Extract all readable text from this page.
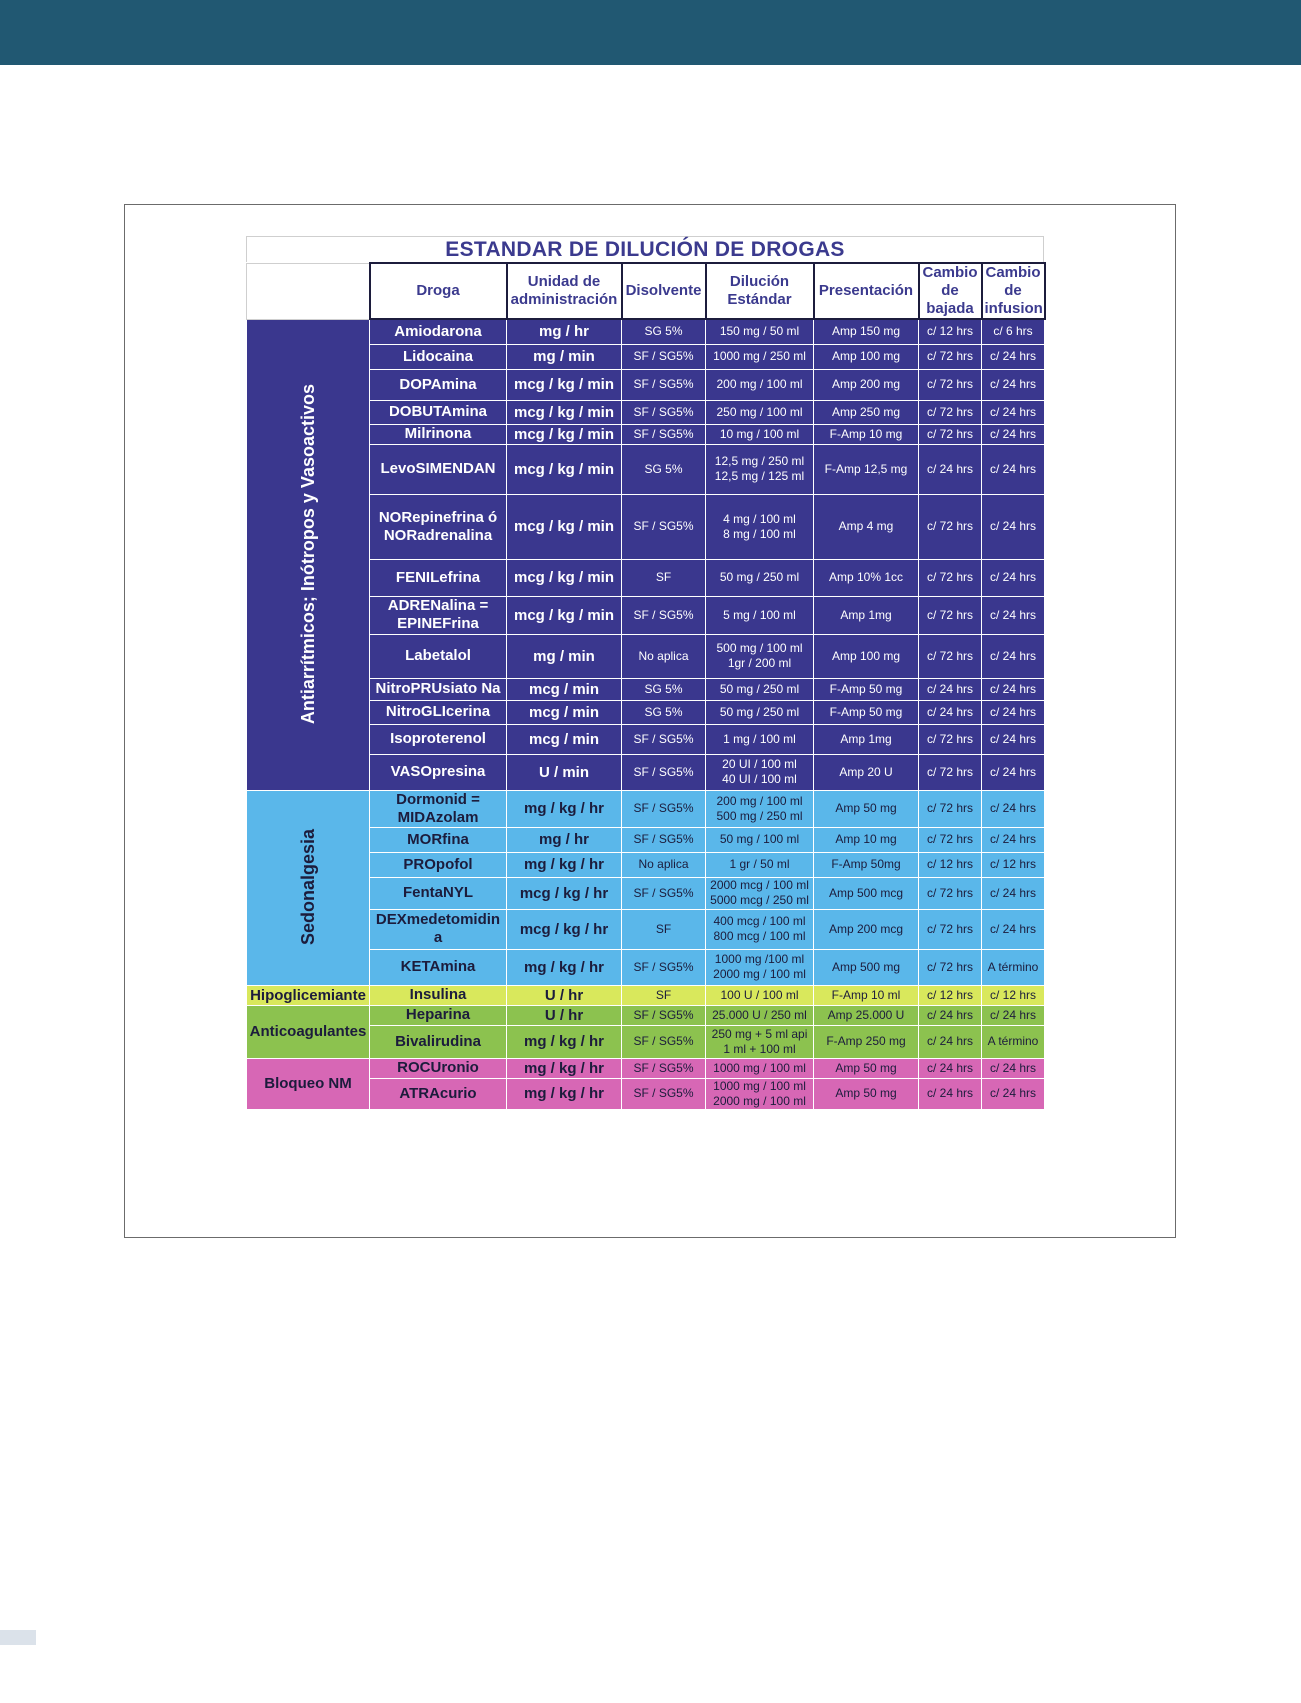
ESTANDAR DE DILUCIÓN DE DROGAS
	Droga	Unidad de administración	Disolvente	Dilución Estándar	Presentación	Cambio de bajada	Cambio de infusion

Antiarrítmicos; Inótropos y Vasoactivos	Amiodarona	mg / hr	SG 5%	150 mg / 50 ml	Amp 150 mg	c/ 12 hrs	c/ 6 hrs

	Lidocaina	mg / min	SF / SG5%	1000 mg / 250 ml	Amp 100 mg	c/ 72 hrs	c/ 24 hrs

	DOPAmina	mcg / kg / min	SF / SG5%	200 mg / 100 ml	Amp 200 mg	c/ 72 hrs	c/ 24 hrs

	DOBUTAmina	mcg / kg / min	SF / SG5%	250 mg / 100 ml	Amp 250 mg	c/ 72 hrs	c/ 24 hrs

	Milrinona	mcg / kg / min	SF / SG5%	10 mg / 100 ml	F-Amp 10 mg	c/ 72 hrs	c/ 24 hrs

	LevoSIMENDAN	mcg / kg / min	SG 5%	12,5 mg / 250 ml
12,5 mg / 125 ml	F-Amp 12,5 mg	c/ 24 hrs	c/ 24 hrs

	NORepinefrina ó
NORadrenalina	mcg / kg / min	SF / SG5%	4 mg / 100 ml
8 mg / 100 ml	Amp 4 mg	c/ 72 hrs	c/ 24 hrs

	FENILefrina	mcg / kg / min	SF	50 mg / 250 ml	Amp 10% 1cc	c/ 72 hrs	c/ 24 hrs

	ADRENalina =
EPINEFrina	mcg / kg / min	SF / SG5%	5 mg / 100 ml	Amp 1mg	c/ 72 hrs	c/ 24 hrs

	Labetalol	mg / min	No aplica	500 mg / 100 ml
1gr / 200 ml	Amp 100 mg	c/ 72 hrs	c/ 24 hrs

	NitroPRUsiato Na	mcg / min	SG 5%	50 mg / 250 ml	F-Amp 50 mg	c/ 24 hrs	c/ 24 hrs

	NitroGLIcerina	mcg / min	SG 5%	50 mg / 250 ml	F-Amp 50 mg	c/ 24 hrs	c/ 24 hrs

	Isoproterenol	mcg / min	SF / SG5%	1 mg / 100 ml	Amp 1mg	c/ 72 hrs	c/ 24 hrs

	VASOpresina	U / min	SF / SG5%	20 UI / 100 ml
40 UI / 100 ml	Amp 20 U	c/ 72 hrs	c/ 24 hrs

Sedonalgesia	Dormonid =
MIDAzolam	mg / kg / hr	SF / SG5%	200 mg / 100 ml
500 mg / 250 ml	Amp 50 mg	c/ 72 hrs	c/ 24 hrs

	MORfina	mg / hr	SF / SG5%	50 mg / 100 ml	Amp 10 mg	c/ 72 hrs	c/ 24 hrs

	PROpofol	mg / kg / hr	No aplica	1 gr / 50 ml	F-Amp 50mg	c/ 12 hrs	c/ 12 hrs

	FentaNYL	mcg / kg / hr	SF / SG5%	2000 mcg / 100 ml
5000 mcg / 250 ml	Amp 500 mcg	c/ 72 hrs	c/ 24 hrs

	DEXmedetomidin
a	mcg / kg / hr	SF	400 mcg / 100 ml
800 mcg / 100 ml	Amp 200 mcg	c/ 72 hrs	c/ 24 hrs

	KETAmina	mg / kg / hr	SF / SG5%	1000 mg /100 ml
2000 mg / 100 ml	Amp 500 mg	c/ 72 hrs	A término

Hipoglicemiante	Insulina	U / hr	SF	100 U / 100 ml	F-Amp 10 ml	c/ 12 hrs	c/ 12 hrs

Anticoagulantes	Heparina	U / hr	SF / SG5%	25.000 U / 250 ml	Amp 25.000 U	c/ 24 hrs	c/ 24 hrs

	Bivalirudina	mg / kg / hr	SF / SG5%	250 mg + 5 ml api
1 ml + 100 ml	F-Amp 250 mg	c/ 24 hrs	A término

Bloqueo NM	ROCUronio	mg / kg / hr	SF / SG5%	1000 mg / 100 ml	Amp 50 mg	c/ 24 hrs	c/ 24 hrs

	ATRAcurio	mg / kg / hr	SF / SG5%	1000 mg / 100 ml
2000 mg / 100 ml	Amp 50 mg	c/ 24 hrs	c/ 24 hrs
